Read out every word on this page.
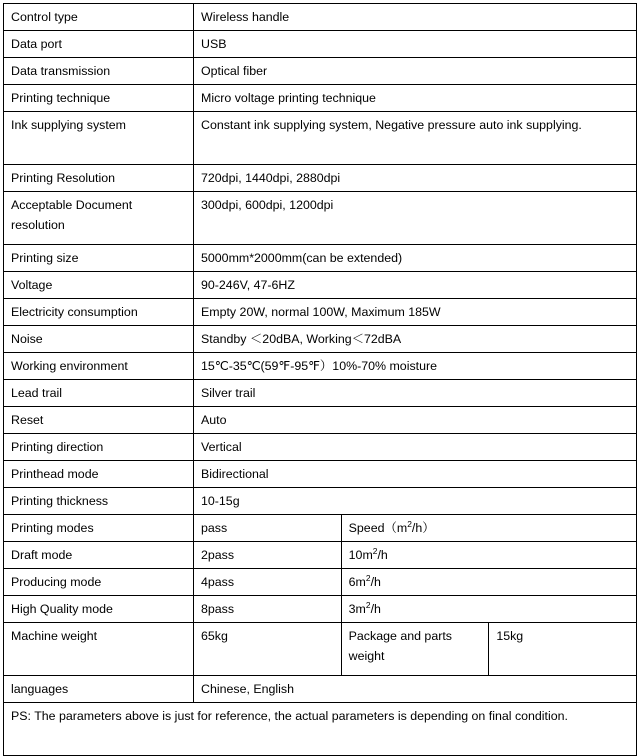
Control type	Wireless handle		
Data port	USB		
Data transmission	Optical fiber		
Printing technique	Micro voltage printing technique		
Ink supplying system	Constant ink supplying system, Negative pressure auto ink supplying.		
Printing Resolution	720dpi, 1440dpi, 2880dpi		
Acceptable Document resolution	300dpi, 600dpi, 1200dpi		
Printing size	5000mm*2000mm(can be extended)		
Voltage	90-246V, 47-6HZ		
Electricity consumption	Empty 20W, normal 100W, Maximum 185W		
Noise	Standby ＜20dBA, Working＜72dBA		
Working environment	15℃-35℃(59℉-95℉）10%-70% moisture		
Lead trail	Silver trail		
Reset	Auto		
Printing direction	Vertical		
Printhead mode	Bidirectional		
Printing thickness	10-15g		
Printing modes	pass	$Speed(m^2/h)$	
Draft mode	2pass	$10m^2/h$	
Producing mode	4pass	$6m^2/h$	
High Quality mode	8pass	$3m^2/h$	
Machine weight	65kg	Package and parts weight	15kg
languages	Chinese, English		
PS: The parameters above is just for reference, the actual parameters is depending on final condition.			
